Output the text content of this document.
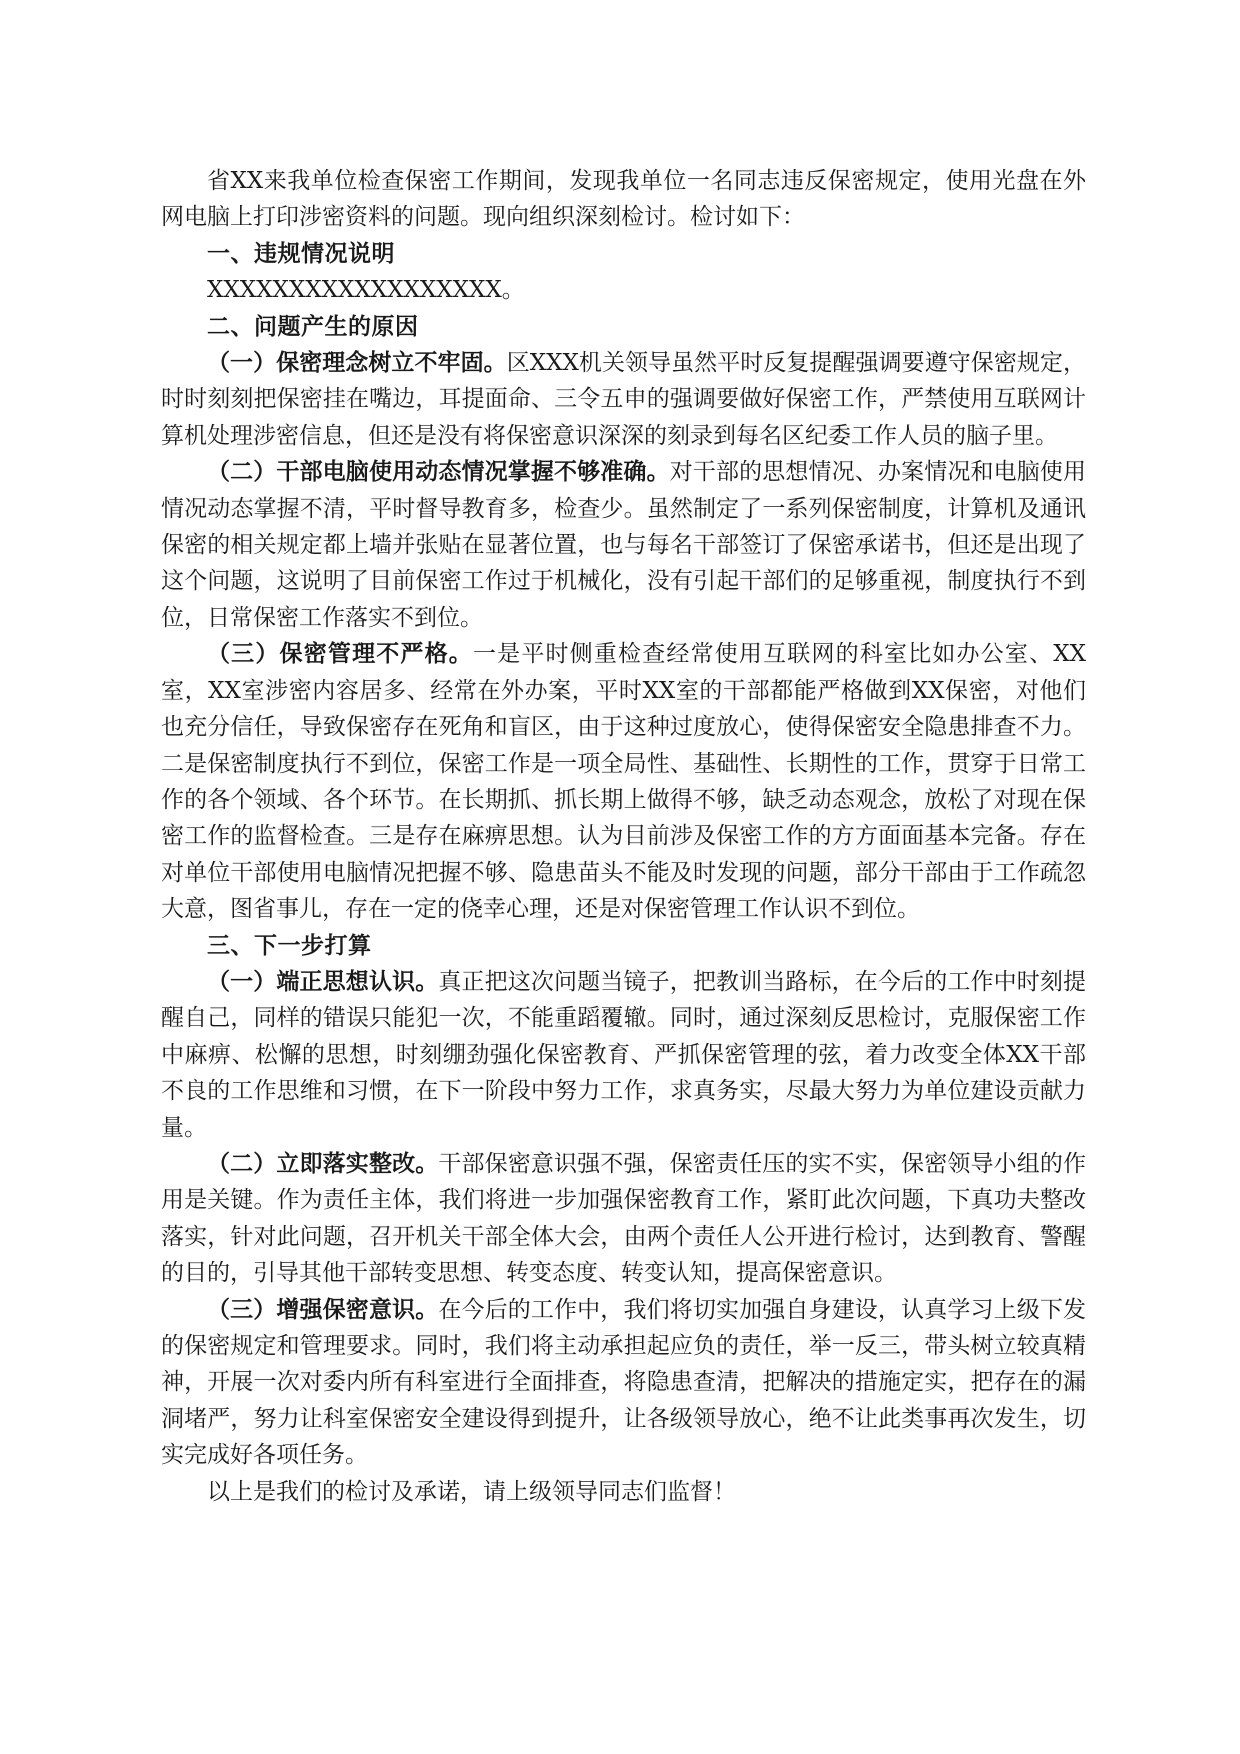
省XX来我单位检查保密工作期间，发现我单位一名同志违反保密规定，使用光盘在外网电脑上打印涉密资料的问题。现向组织深刻检讨。检讨如下：

一、违规情况说明

XXXXXXXXXXXXXXXXXX。

二、问题产生的原因

（一）保密理念树立不牢固。区XXX机关领导虽然平时反复提醒强调要遵守保密规定，时时刻刻把保密挂在嘴边，耳提面命、三令五申的强调要做好保密工作，严禁使用互联网计算机处理涉密信息，但还是没有将保密意识深深的刻录到每名区纪委工作人员的脑子里。

（二）干部电脑使用动态情况掌握不够准确。对干部的思想情况、办案情况和电脑使用情况动态掌握不清，平时督导教育多，检查少。虽然制定了一系列保密制度，计算机及通讯保密的相关规定都上墙并张贴在显著位置，也与每名干部签订了保密承诺书，但还是出现了这个问题，这说明了目前保密工作过于机械化，没有引起干部们的足够重视，制度执行不到位，日常保密工作落实不到位。

（三）保密管理不严格。一是平时侧重检查经常使用互联网的科室比如办公室、XX室，XX室涉密内容居多、经常在外办案，平时XX室的干部都能严格做到XX保密，对他们也充分信任，导致保密存在死角和盲区，由于这种过度放心，使得保密安全隐患排查不力。二是保密制度执行不到位，保密工作是一项全局性、基础性、长期性的工作，贯穿于日常工作的各个领域、各个环节。在长期抓、抓长期上做得不够，缺乏动态观念，放松了对现在保密工作的监督检查。三是存在麻痹思想。认为目前涉及保密工作的方方面面基本完备。存在对单位干部使用电脑情况把握不够、隐患苗头不能及时发现的问题，部分干部由于工作疏忽大意，图省事儿，存在一定的侥幸心理，还是对保密管理工作认识不到位。

三、下一步打算

（一）端正思想认识。真正把这次问题当镜子，把教训当路标，在今后的工作中时刻提醒自己，同样的错误只能犯一次，不能重蹈覆辙。同时，通过深刻反思检讨，克服保密工作中麻痹、松懈的思想，时刻绷劲强化保密教育、严抓保密管理的弦，着力改变全体XX干部不良的工作思维和习惯，在下一阶段中努力工作，求真务实，尽最大努力为单位建设贡献力量。

（二）立即落实整改。干部保密意识强不强，保密责任压的实不实，保密领导小组的作用是关键。作为责任主体，我们将进一步加强保密教育工作，紧盯此次问题，下真功夫整改落实，针对此问题，召开机关干部全体大会，由两个责任人公开进行检讨，达到教育、警醒的目的，引导其他干部转变思想、转变态度、转变认知，提高保密意识。

（三）增强保密意识。在今后的工作中，我们将切实加强自身建设，认真学习上级下发的保密规定和管理要求。同时，我们将主动承担起应负的责任，举一反三，带头树立较真精神，开展一次对委内所有科室进行全面排查，将隐患查清，把解决的措施定实，把存在的漏洞堵严，努力让科室保密安全建设得到提升，让各级领导放心，绝不让此类事再次发生，切实完成好各项任务。

以上是我们的检讨及承诺，请上级领导同志们监督！
